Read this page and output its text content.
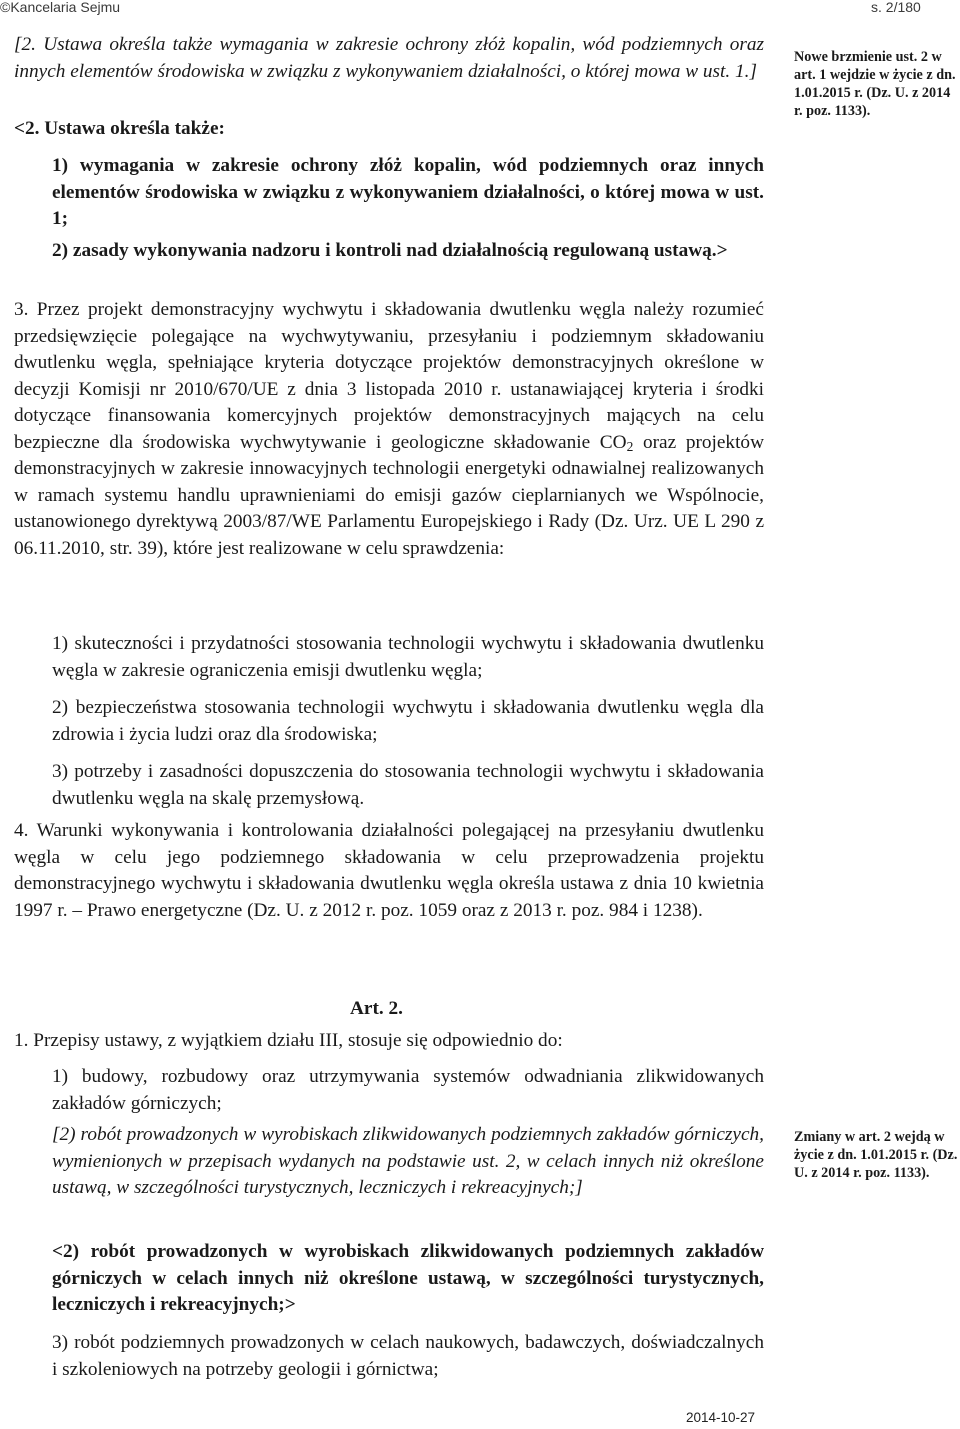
©Kancelaria Sejmu	s. 2/180

[2. Ustawa określa także wymagania w zakresie ochrony złóż kopalin, wód podziemnych oraz innych elementów środowiska w związku z wykonywaniem działalności, o której mowa w ust. 1.]

<2. Ustawa określa także:

1) wymagania w zakresie ochrony złóż kopalin, wód podziemnych oraz innych elementów środowiska w związku z wykonywaniem działalności, o której mowa w ust. 1;

2) zasady wykonywania nadzoru i kontroli nad działalnością regulowaną ustawą.>

3. Przez projekt demonstracyjny wychwytu i składowania dwutlenku węgla należy rozumieć przedsięwzięcie polegające na wychwytywaniu, przesyłaniu i podziemnym składowaniu dwutlenku węgla, spełniające kryteria dotyczące projektów demonstracyjnych określone w decyzji Komisji nr 2010/670/UE z dnia 3 listopada 2010 r. ustanawiającej kryteria i środki dotyczące finansowania komercyjnych projektów demonstracyjnych mających na celu bezpieczne dla środowiska wychwytywanie i geologiczne składowanie $CO_2$ oraz projektów demonstracyjnych w zakresie innowacyjnych technologii energetyki odnawialnej realizowanych w ramach systemu handlu uprawnieniami do emisji gazów cieplarnianych we Wspólnocie, ustanowionego dyrektywą 2003/87/WE Parlamentu Europejskiego i Rady (Dz. Urz. UE L 290 z 06.11.2010, str. 39), które jest realizowane w celu sprawdzenia:

1) skuteczności i przydatności stosowania technologii wychwytu i składowania dwutlenku węgla w zakresie ograniczenia emisji dwutlenku węgla;

2) bezpieczeństwa stosowania technologii wychwytu i składowania dwutlenku węgla dla zdrowia i życia ludzi oraz dla środowiska;

3) potrzeby i zasadności dopuszczenia do stosowania technologii wychwytu i składowania dwutlenku węgla na skalę przemysłową.

4. Warunki wykonywania i kontrolowania działalności polegającej na przesyłaniu dwutlenku węgla w celu jego podziemnego składowania w celu przeprowadzenia projektu demonstracyjnego wychwytu i składowania dwutlenku węgla określa ustawa z dnia 10 kwietnia 1997 r. – Prawo energetyczne (Dz. U. z 2012 r. poz. 1059 oraz z 2013 r. poz. 984 i 1238).

Art. 2.

1. Przepisy ustawy, z wyjątkiem działu III, stosuje się odpowiednio do:

1) budowy, rozbudowy oraz utrzymywania systemów odwadniania zlikwidowanych zakładów górniczych;

[2) robót prowadzonych w wyrobiskach zlikwidowanych podziemnych zakładów górniczych, wymienionych w przepisach wydanych na podstawie ust. 2, w celach innych niż określone ustawą, w szczególności turystycznych, leczniczych i rekreacyjnych;]

<2) robót prowadzonych w wyrobiskach zlikwidowanych podziemnych zakładów górniczych w celach innych niż określone ustawą, w szczególności turystycznych, leczniczych i rekreacyjnych;>

3) robót podziemnych prowadzonych w celach naukowych, badawczych, doświadczalnych i szkoleniowych na potrzeby geologii i górnictwa;

Nowe brzmienie ust. 2 w art. 1 wejdzie w życie z dn. 1.01.2015 r. (Dz. U. z 2014 r. poz. 1133).
Zmiany w art. 2 wejdą w życie z dn. 1.01.2015 r. (Dz. U. z 2014 r. poz. 1133).
2014-10-27
